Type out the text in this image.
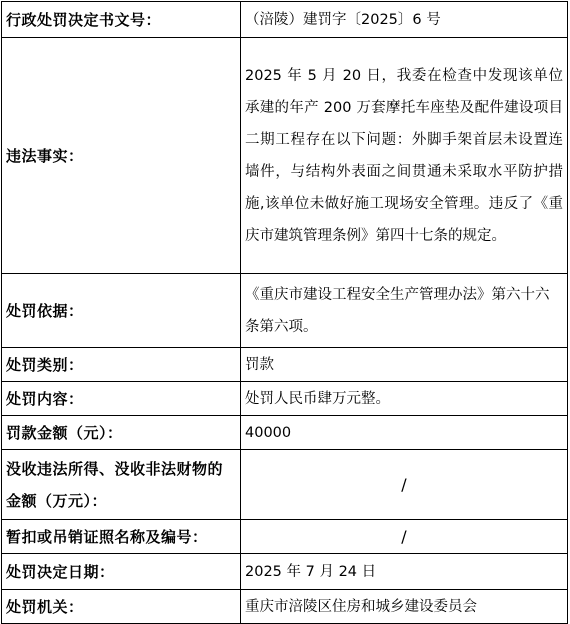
行政处罚决定书文号：	（涪陵）建罚字〔2025〕6 号
违法事实：	2025 年 5 月 20 日，我委在检查中发现该单位承建的年产 200 万套摩托车座垫及配件建设项目二期工程存在以下问题：外脚手架首层未设置连墙件，与结构外表面之间贯通未采取水平防护措施,该单位未做好施工现场安全管理。违反了《重庆市建筑管理条例》第四十七条的规定。
处罚依据：	《重庆市建设工程安全生产管理办法》第六十六条第六项。
处罚类别：	罚款
处罚内容：	处罚人民币肆万元整。
罚款金额（元）：	40000
没收违法所得、没收非法财物的金额（万元）：	/
暂扣或吊销证照名称及编号：	/
处罚决定日期：	2025 年 7 月 24 日
处罚机关：	重庆市涪陵区住房和城乡建设委员会
